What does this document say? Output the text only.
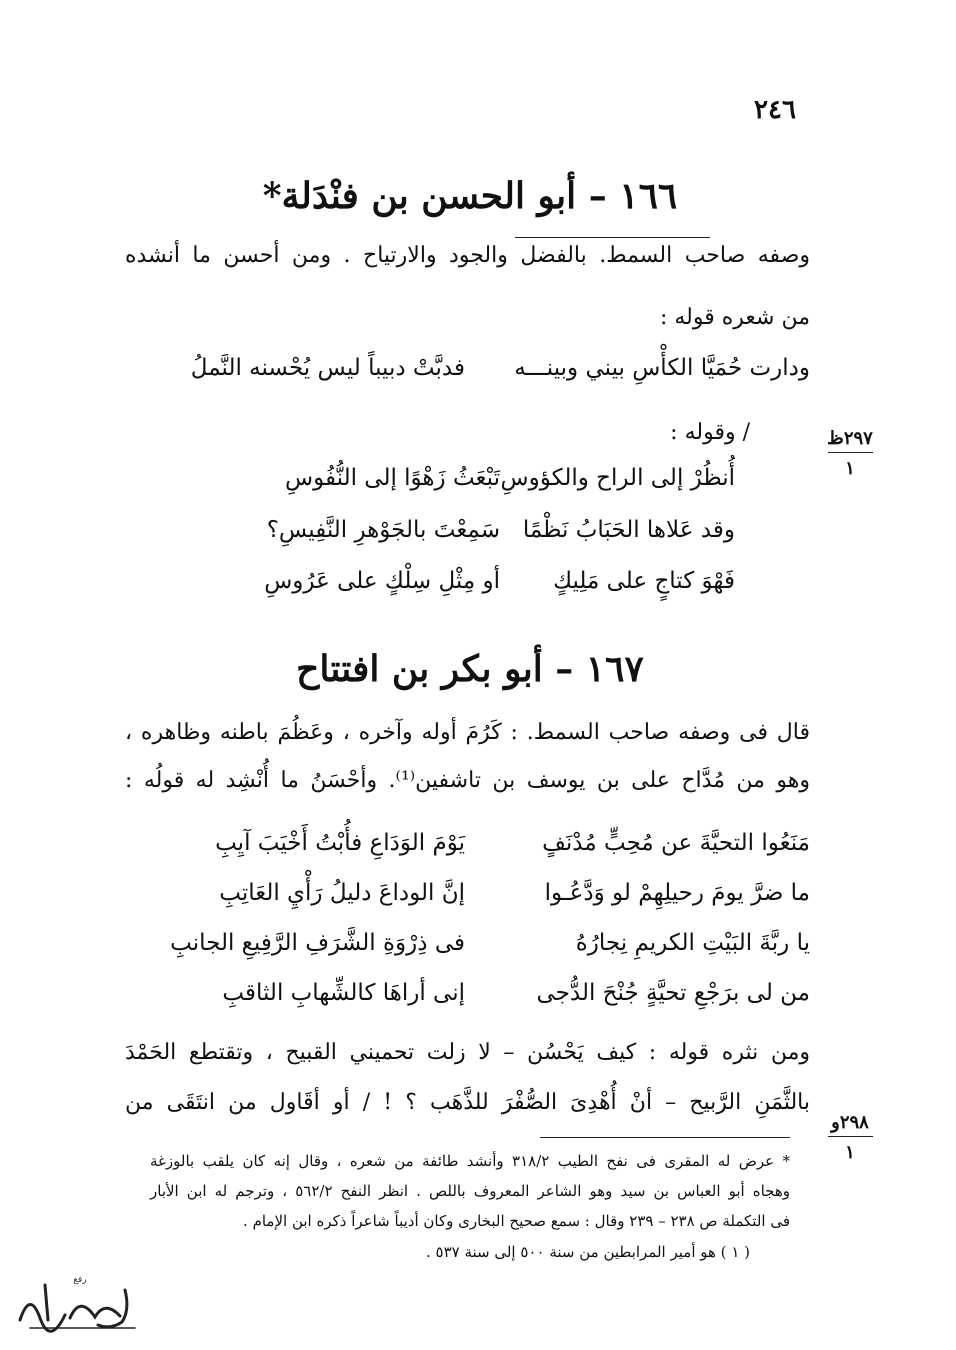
٢٤٦
١٦٦ – أبو الحسن بن فنْدَلة*
وصفه صاحب السمط. بالفضل والجود والارتياح . ومن أحسن ما أنشده
من شعره قوله :
ودارت حُمَيَّا الكأْسِ بيني وبينـــه
فدبَّتْ دبيباً ليس يُحْسنه النَّملُ
/ وقوله :
أُنظُرْ إلى الراح والكؤوسِ
تَبْعَثُ زَهْوًا إلى النُّفُوسِ
وقد عَلاها الحَبَابُ نَظْمًا
سَمِعْتَ بالجَوْهرِ النَّفِيسِ؟
فَهْوَ كتاجٍ على مَلِيكٍ
أو مِثْلِ سِلْكٍ على عَرُوسِ
١٦٧ – أبو بكر بن افتتاح
قال فى وصفه صاحب السمط. : كَرُمَ أوله وآخره ، وعَظُمَ باطنه وظاهره ،
وهو من مُدَّاح على بن يوسف بن تاشفين⁽¹⁾. وأحْسَنُ ما أُنْشِد له قولُه :
مَنَعُوا التحيَّةَ عن مُحِبٍّ مُدْنَفٍ
يَوْمَ الوَدَاعِ فأُبْتُ أَخْيَبَ آيِبِ
ما ضرَّ يومَ رحيلِهِمْ لو وَدَّعُـوا
إنَّ الوداعَ دليلُ رَأْيِ العَاتِبِ
يا ربَّةَ البَيْتِ الكريمِ نِجارُهُ
فى ذِرْوَةِ الشَّرَفِ الرَّفِيعِ الجانبِ
من لى برَجْعِ تحيَّةٍ جُنْحَ الدُّجى
إنى أراهَا كالشِّهابِ الثاقبِ
ومن نثره قوله : كيف يَحْسُن – لا زلت تحميني القبيح ، وتقتطع الحَمْدَ
بالثَّمَنِ الرَّبيح – أنْ أُهْدِىَ الصُّفْرَ للذَّهَب ؟ ! / أو أقَاول من انتَقَى من
٢٩٧ظ
١
٢٩٨و
١
* عرض له المقرى فى نفح الطيب ٣١٨/٢ وأنشد طائفة من شعره ، وقال إنه كان يلقب بالوزغة
وهجاه أبو العباس بن سيد وهو الشاعر المعروف باللص . انظر النفح ٥٦٢/٢ ، وترجم له ابن الأبار
فى التكملة ص ٢٣٨ – ٢٣٩ وقال : سمع صحيح البخارى وكان أديباً شاعراً ذكره ابن الإمام .
( ١ ) هو أمير المرابطين من سنة ٥٠٠ إلى سنة ٥٣٧ .
رفع
